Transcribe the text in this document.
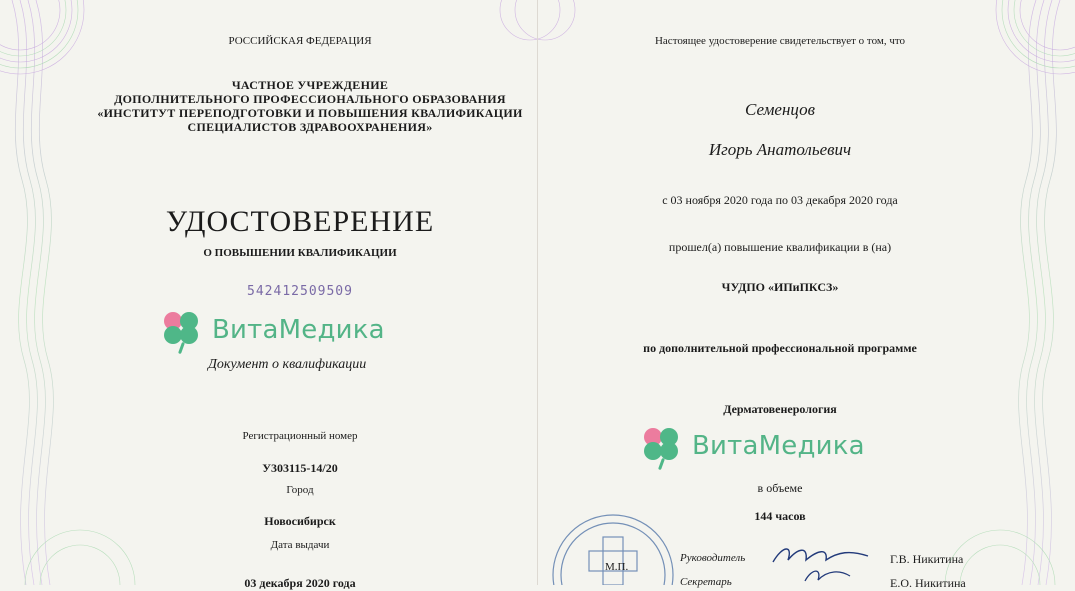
РОССИЙСКАЯ ФЕДЕРАЦИЯ
ЧАСТНОЕ УЧРЕЖДЕНИЕ
ДОПОЛНИТЕЛЬНОГО ПРОФЕССИОНАЛЬНОГО ОБРАЗОВАНИЯ
«ИНСТИТУТ ПЕРЕПОДГОТОВКИ И ПОВЫШЕНИЯ КВАЛИФИКАЦИИ
СПЕЦИАЛИСТОВ ЗДРАВООХРАНЕНИЯ»
УДОСТОВЕРЕНИЕ
О ПОВЫШЕНИИ КВАЛИФИКАЦИИ
542412509509
ВитаМедика
Документ о квалификации
Регистрационный номер
У303115-14/20
Город
Новосибирск
Дата выдачи
03 декабря 2020 года
Настоящее удостоверение свидетельствует о том, что
Семенцов
Игорь Анатольевич
с 03 ноября 2020 года по 03 декабря 2020 года
прошел(а) повышение квалификации в (на)
ЧУДПО «ИПиПКСЗ»
по дополнительной профессиональной программе
Дерматовенерология
ВитаМедика
в объеме
144 часов
М.П.
Руководитель	Г.В. Никитина
Секретарь	Е.О. Никитина
